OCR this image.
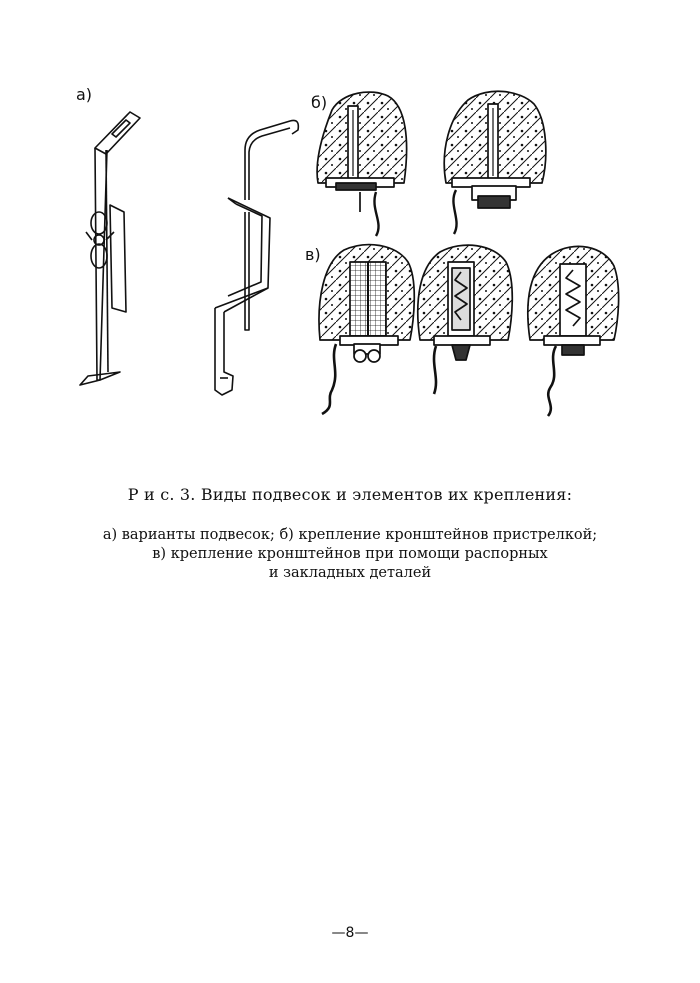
а)	б)
в)
Р и с. 3. Виды подвесок и элементов их крепления:
а) варианты подвесок; б) крепление кронштейнов пристрелкой;
в) крепление кронштейнов при помощи распорных
и закладных деталей
—8—
